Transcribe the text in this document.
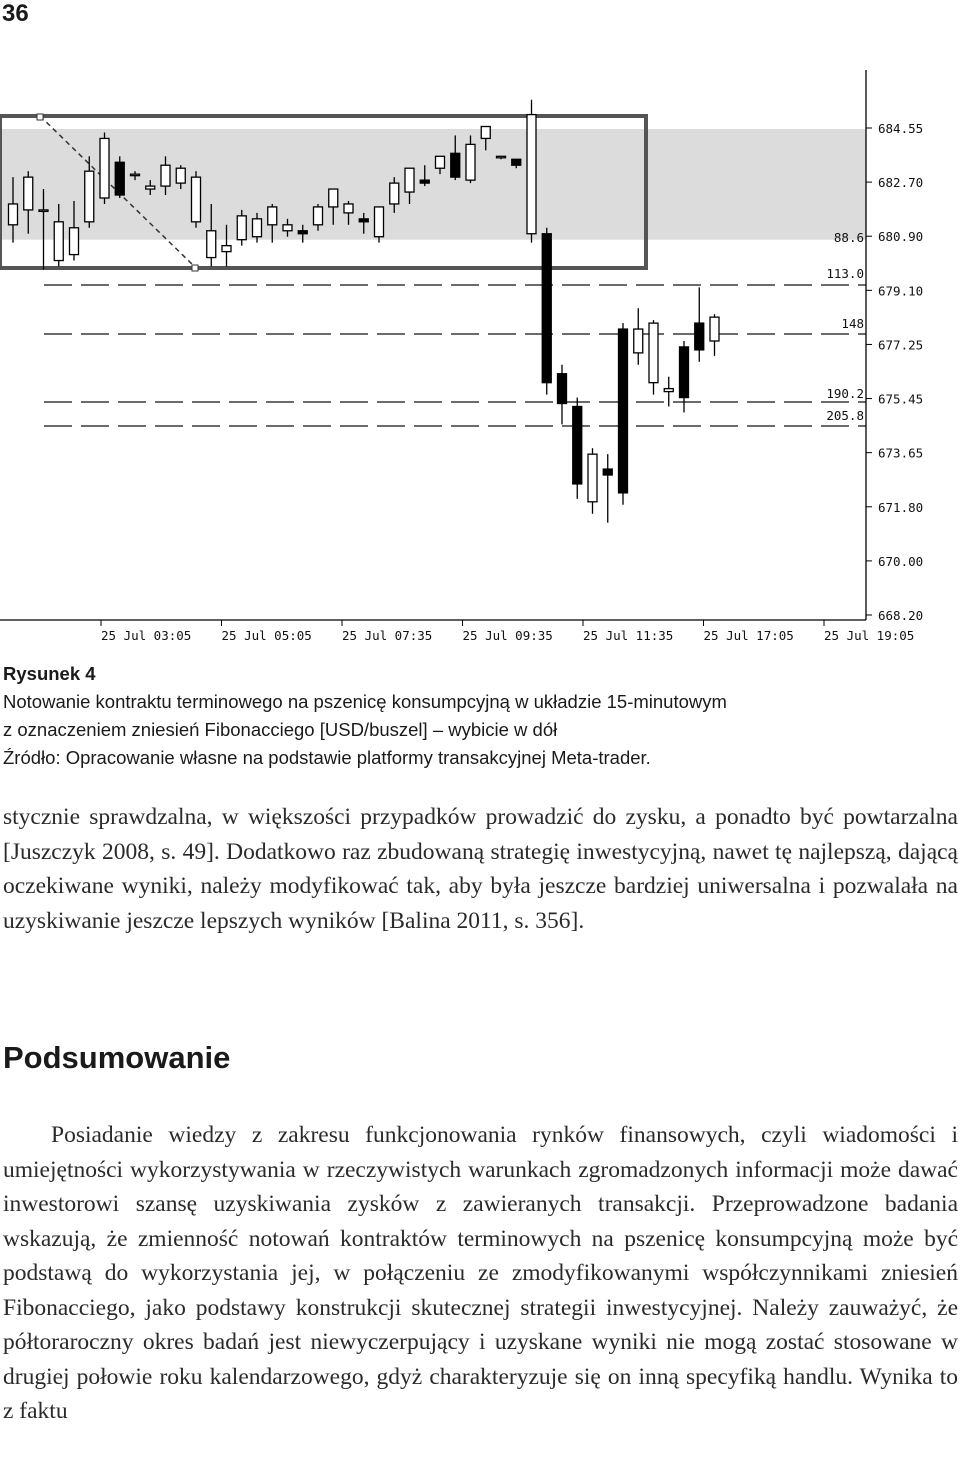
36
88.6
113.0
148
190.2
205.8
684.55
682.70
680.90
679.10
677.25
675.45
673.65
671.80
670.00
668.20
25 Jul 03:05 25 Jul 05:05 25 Jul 07:35 25 Jul 09:35 25 Jul 11:35 25 Jul 17:05 25 Jul 19:05
Rysunek 4
Notowanie kontraktu terminowego na pszenicę konsumpcyjną w układzie 15-minutowym
z oznaczeniem zniesień Fibonacciego [USD/buszel] – wybicie w dół
Źródło: Opracowanie własne na podstawie platformy transakcyjnej Meta-trader.

stycznie sprawdzalna, w większości przypadków prowadzić do zysku, a ponadto być powtarzalna [Juszczyk 2008, s. 49]. Dodatkowo raz zbudowaną strategię inwestycyjną, nawet tę najlepszą, dającą oczekiwane wyniki, należy modyfikować tak, aby była jeszcze bardziej uniwersalna i pozwalała na uzyskiwanie jeszcze lepszych wyników [Balina 2011, s. 356].

Podsumowanie

Posiadanie wiedzy z zakresu funkcjonowania rynków finansowych, czyli wiadomości i umiejętności wykorzystywania w rzeczywistych warunkach zgromadzonych informacji może dawać inwestorowi szansę uzyskiwania zysków z zawieranych transakcji. Przeprowadzone badania wskazują, że zmienność notowań kontraktów terminowych na pszenicę konsumpcyjną może być podstawą do wykorzystania jej, w połączeniu ze zmodyfikowanymi współczynnikami zniesień Fibonacciego, jako podstawy konstrukcji skutecznej strategii inwestycyjnej. Należy zauważyć, że półtoraroczny okres badań jest niewyczerpujący i uzyskane wyniki nie mogą zostać stosowane w drugiej połowie roku kalendarzowego, gdyż charakteryzuje się on inną specyfiką handlu. Wynika to z faktu
